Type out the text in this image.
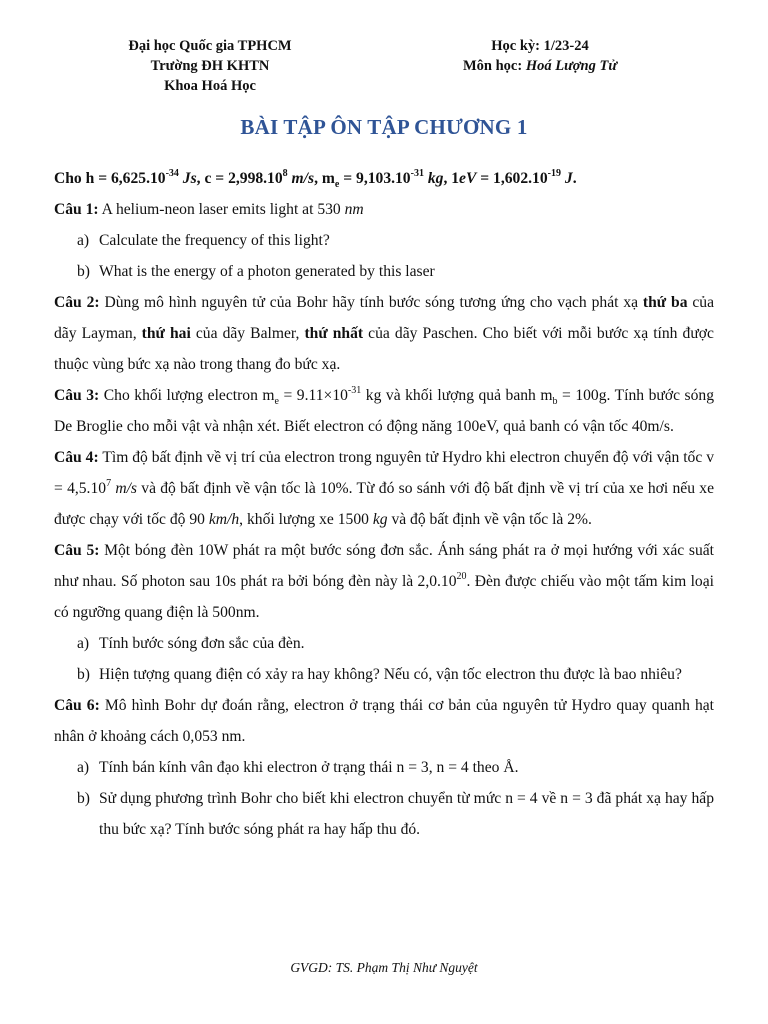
Đại học Quốc gia TPHCM
Trường ĐH KHTN
Khoa Hoá Học
Học kỳ: 1/23-24
Môn học: Hoá Lượng Tử
BÀI TẬP ÔN TẬP CHƯƠNG 1
Cho $h = 6,625.10^{-34}$ Js, $c = 2,998.10^8$ m/s, $m_e = 9,103.10^{-31}$ kg, $1eV = 1,602.10^{-19}$ J.
Câu 1: A helium-neon laser emits light at 530 nm
a) Calculate the frequency of this light?
b) What is the energy of a photon generated by this laser
Câu 2: Dùng mô hình nguyên tử của Bohr hãy tính bước sóng tương ứng cho vạch phát xạ thứ ba của dãy Layman, thứ hai của dãy Balmer, thứ nhất của dãy Paschen. Cho biết với mỗi bước xạ tính được thuộc vùng bức xạ nào trong thang đo bức xạ.
Câu 3: Cho khối lượng electron $m_e = 9.11\times 10^{-31}$ kg và khối lượng quả banh $m_b = 100g$. Tính bước sóng De Broglie cho mỗi vật và nhận xét. Biết electron có động năng 100eV, quả banh có vận tốc 40m/s.
Câu 4: Tìm độ bất định về vị trí của electron trong nguyên tử Hydro khi electron chuyển độ với vận tốc $v = 4,5.10^7$ m/s và độ bất định về vận tốc là 10%. Từ đó so sánh với độ bất định về vị trí của xe hơi nếu xe được chạy với tốc độ 90 km/h, khối lượng xe 1500 kg và độ bất định về vận tốc là 2%.
Câu 5: Một bóng đèn 10W phát ra một bước sóng đơn sắc. Ánh sáng phát ra ở mọi hướng với xác suất như nhau. Số photon sau 10s phát ra bởi bóng đèn này là 2,0.10$^{20}$. Đèn được chiếu vào một tấm kim loại có ngưỡng quang điện là 500nm.
a) Tính bước sóng đơn sắc của đèn.
b) Hiện tượng quang điện có xảy ra hay không? Nếu có, vận tốc electron thu được là bao nhiêu?
Câu 6: Mô hình Bohr dự đoán rằng, electron ở trạng thái cơ bản của nguyên tử Hydro quay quanh hạt nhân ở khoảng cách 0,053 nm.
a) Tính bán kính vân đạo khi electron ở trạng thái n = 3, n = 4 theo Å.
b) Sử dụng phương trình Bohr cho biết khi electron chuyển từ mức n = 4 về n = 3 đã phát xạ hay hấp thu bức xạ? Tính bước sóng phát ra hay hấp thu đó.
GVGD: TS. Phạm Thị Như Nguyệt
